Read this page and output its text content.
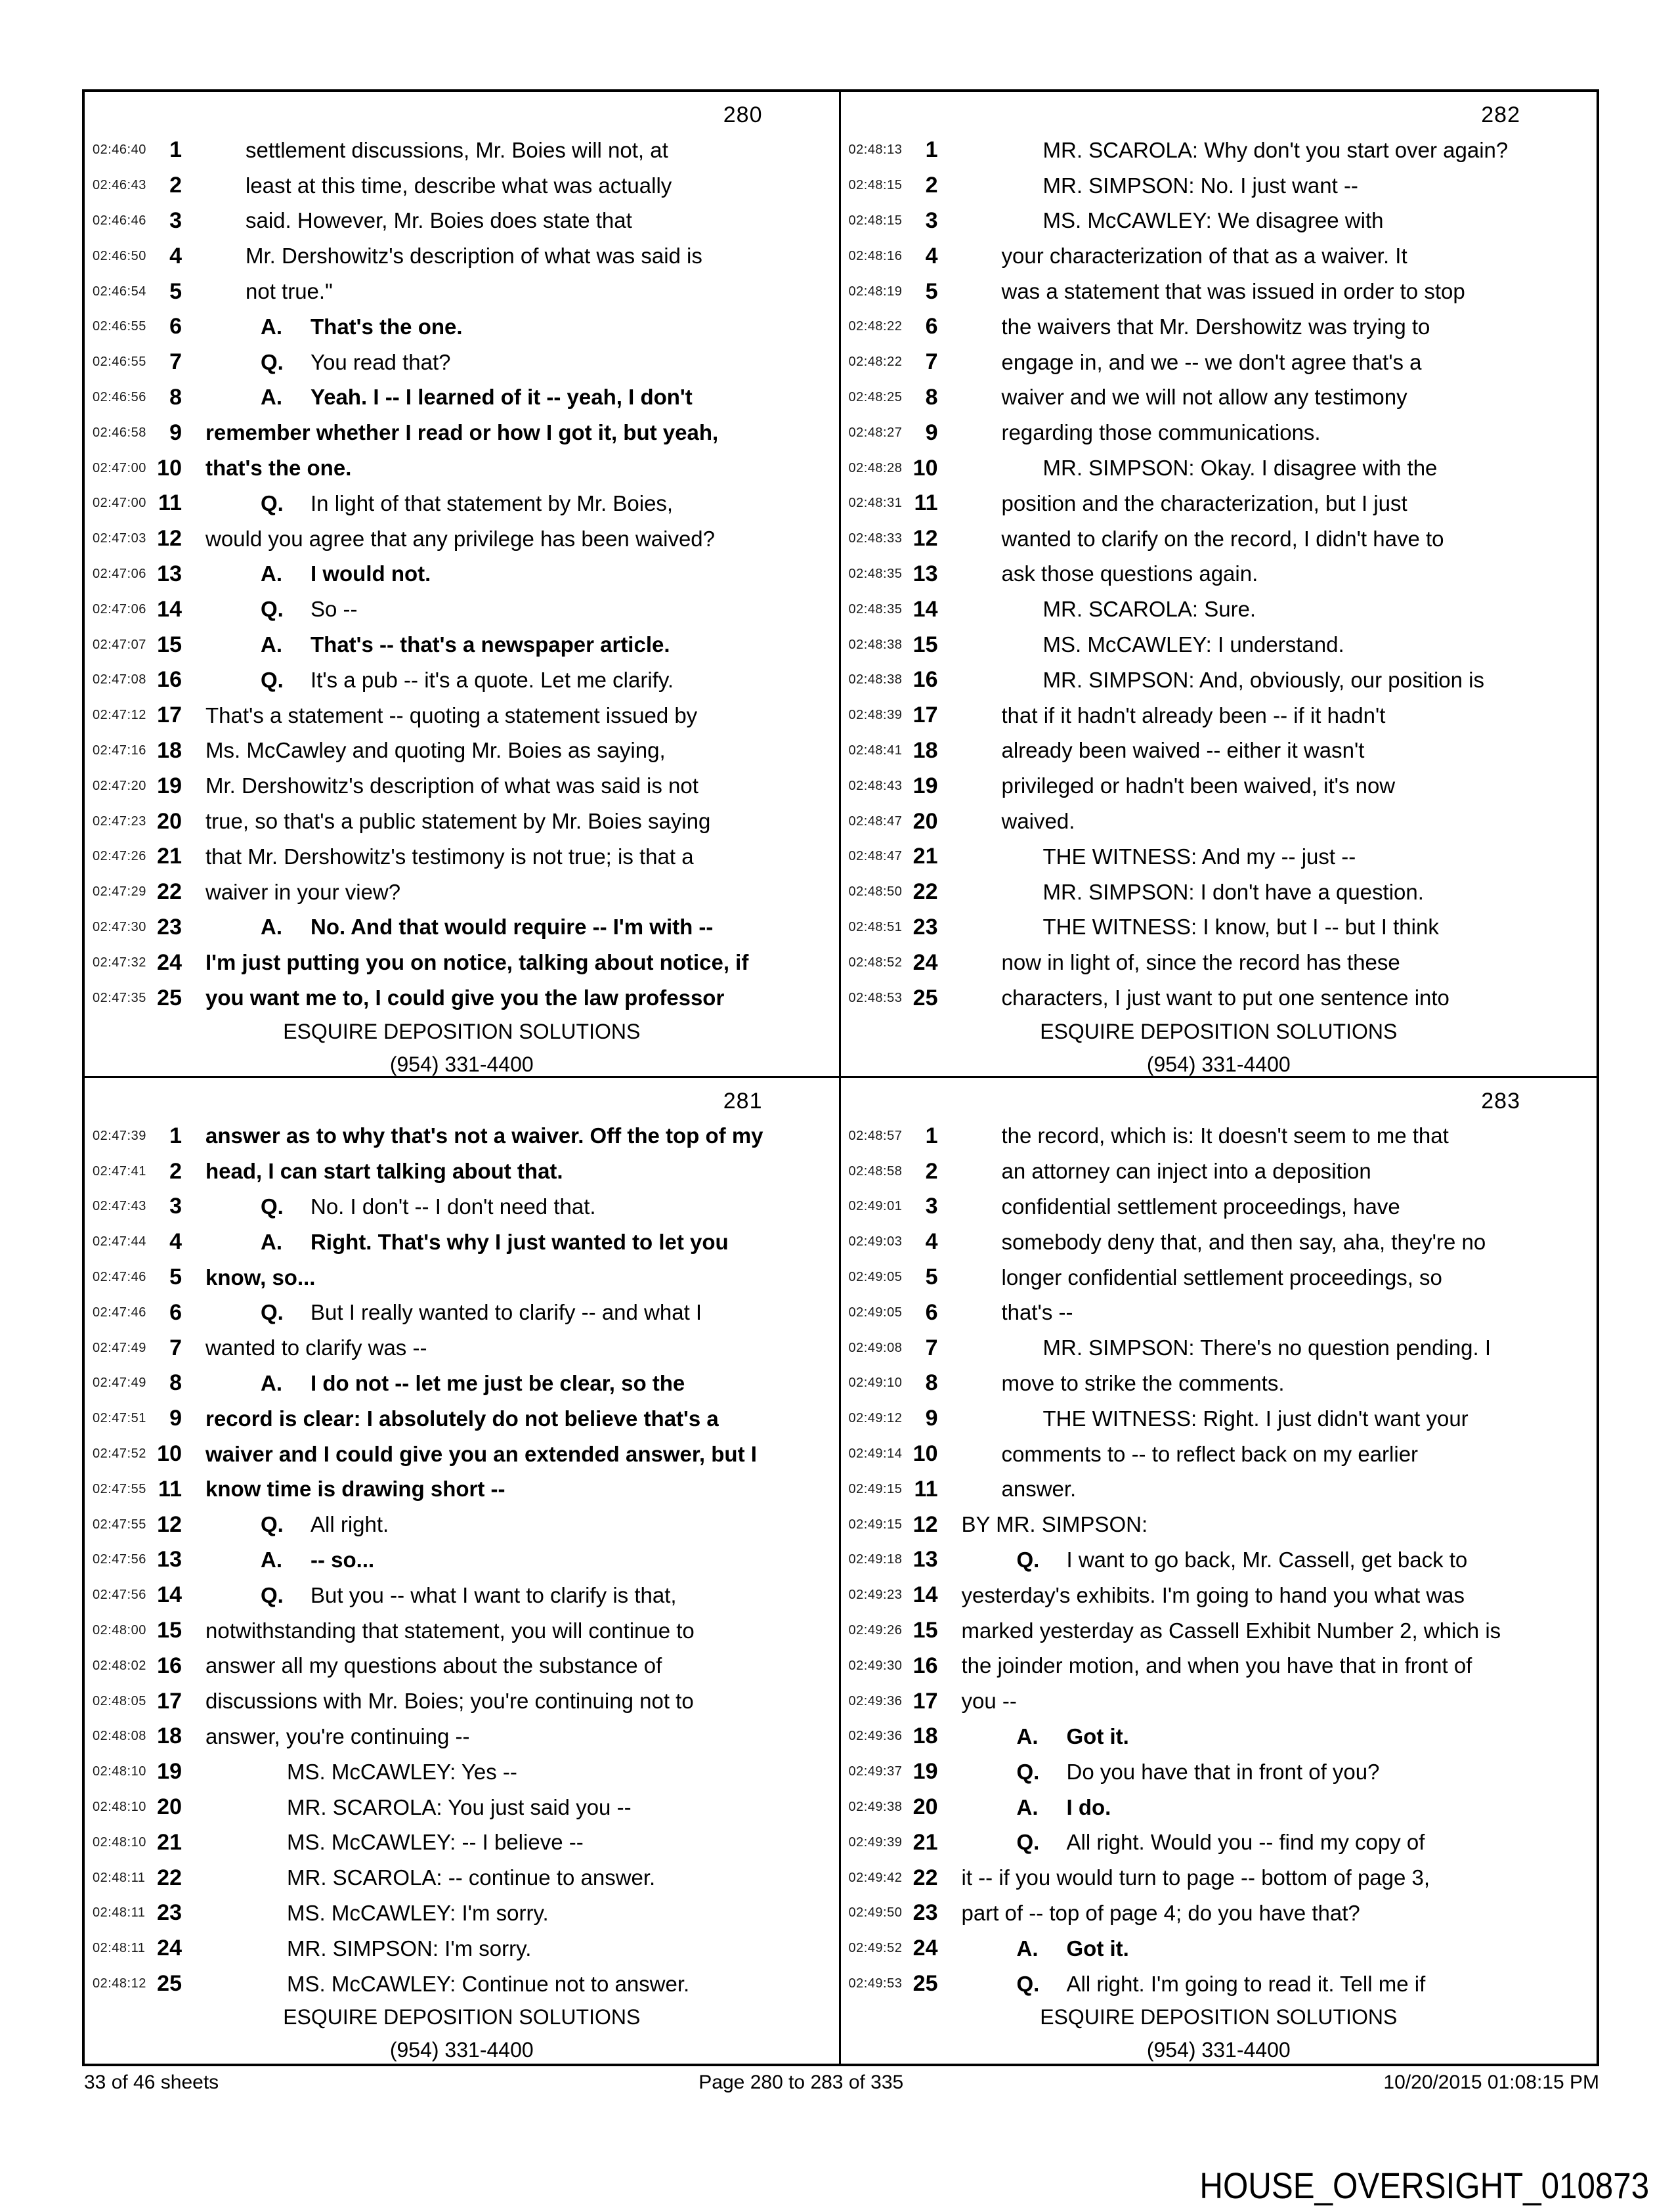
280
02:46:40	1	settlement discussions, Mr. Boies will not, at
02:46:43	2	least at this time, describe what was actually
02:46:46	3	said. However, Mr. Boies does state that
02:46:50	4	Mr. Dershowitz's description of what was said is
02:46:54	5	not true."
02:46:55	6	A. That's the one.
02:46:55	7	Q. You read that?
02:46:56	8	A. Yeah. I -- I learned of it -- yeah, I don't
02:46:58	9	remember whether I read or how I got it, but yeah,
02:47:00 10	that's the one.
02:47:00 11	Q. In light of that statement by Mr. Boies,
02:47:03 12	would you agree that any privilege has been waived?
02:47:06 13	A. I would not.
02:47:06 14	Q. So --
02:47:07 15	A. That's -- that's a newspaper article.
02:47:08 16	Q. It's a pub -- it's a quote. Let me clarify.
02:47:12 17	That's a statement -- quoting a statement issued by
02:47:16 18	Ms. McCawley and quoting Mr. Boies as saying,
02:47:20 19	Mr. Dershowitz's description of what was said is not
02:47:23 20	true, so that's a public statement by Mr. Boies saying
02:47:26 21	that Mr. Dershowitz's testimony is not true; is that a
02:47:29 22	waiver in your view?
02:47:30 23	A. No. And that would require -- I'm with --
02:47:32 24	I'm just putting you on notice, talking about notice, if
02:47:35 25	you want me to, I could give you the law professor
ESQUIRE DEPOSITION SOLUTIONS
(954) 331-4400
282
02:48:13	1	MR. SCAROLA: Why don't you start over again?
02:48:15	2	MR. SIMPSON: No. I just want --
02:48:15	3	MS. McCAWLEY: We disagree with
02:48:16	4	your characterization of that as a waiver. It
02:48:19	5	was a statement that was issued in order to stop
02:48:22	6	the waivers that Mr. Dershowitz was trying to
02:48:22	7	engage in, and we -- we don't agree that's a
02:48:25	8	waiver and we will not allow any testimony
02:48:27	9	regarding those communications.
02:48:28 10	MR. SIMPSON: Okay. I disagree with the
02:48:31 11	position and the characterization, but I just
02:48:33 12	wanted to clarify on the record, I didn't have to
02:48:35 13	ask those questions again.
02:48:35 14	MR. SCAROLA: Sure.
02:48:38 15	MS. McCAWLEY: I understand.
02:48:38 16	MR. SIMPSON: And, obviously, our position is
02:48:39 17	that if it hadn't already been -- if it hadn't
02:48:41 18	already been waived -- either it wasn't
02:48:43 19	privileged or hadn't been waived, it's now
02:48:47 20	waived.
02:48:47 21	THE WITNESS: And my -- just --
02:48:50 22	MR. SIMPSON: I don't have a question.
02:48:51 23	THE WITNESS: I know, but I -- but I think
02:48:52 24	now in light of, since the record has these
02:48:53 25	characters, I just want to put one sentence into
ESQUIRE DEPOSITION SOLUTIONS
(954) 331-4400
281
02:47:39	1	answer as to why that's not a waiver. Off the top of my
02:47:41	2	head, I can start talking about that.
02:47:43	3	Q. No. I don't -- I don't need that.
02:47:44	4	A. Right. That's why I just wanted to let you
02:47:46	5	know, so...
02:47:46	6	Q. But I really wanted to clarify -- and what I
02:47:49	7	wanted to clarify was --
02:47:49	8	A. I do not -- let me just be clear, so the
02:47:51	9	record is clear: I absolutely do not believe that's a
02:47:52 10	waiver and I could give you an extended answer, but I
02:47:55 11	know time is drawing short --
02:47:55 12	Q. All right.
02:47:56 13	A. -- so...
02:47:56 14	Q. But you -- what I want to clarify is that,
02:48:00 15	notwithstanding that statement, you will continue to
02:48:02 16	answer all my questions about the substance of
02:48:05 17	discussions with Mr. Boies; you're continuing not to
02:48:08 18	answer, you're continuing --
02:48:10 19	MS. McCAWLEY: Yes --
02:48:10 20	MR. SCAROLA: You just said you --
02:48:10 21	MS. McCAWLEY: -- I believe --
02:48:11 22	MR. SCAROLA: -- continue to answer.
02:48:11 23	MS. McCAWLEY: I'm sorry.
02:48:11 24	MR. SIMPSON: I'm sorry.
02:48:12 25	MS. McCAWLEY: Continue not to answer.
ESQUIRE DEPOSITION SOLUTIONS
(954) 331-4400
283
02:48:57	1	the record, which is: It doesn't seem to me that
02:48:58	2	an attorney can inject into a deposition
02:49:01	3	confidential settlement proceedings, have
02:49:03	4	somebody deny that, and then say, aha, they're no
02:49:05	5	longer confidential settlement proceedings, so
02:49:05	6	that's --
02:49:08	7	MR. SIMPSON: There's no question pending. I
02:49:10	8	move to strike the comments.
02:49:12	9	THE WITNESS: Right. I just didn't want your
02:49:14 10	comments to -- to reflect back on my earlier
02:49:15 11	answer.
02:49:15 12	BY MR. SIMPSON:
02:49:18 13	Q. I want to go back, Mr. Cassell, get back to
02:49:23 14	yesterday's exhibits. I'm going to hand you what was
02:49:26 15	marked yesterday as Cassell Exhibit Number 2, which is
02:49:30 16	the joinder motion, and when you have that in front of
02:49:36 17	you --
02:49:36 18	A. Got it.
02:49:37 19	Q. Do you have that in front of you?
02:49:38 20	A. I do.
02:49:39 21	Q. All right. Would you -- find my copy of
02:49:42 22	it -- if you would turn to page -- bottom of page 3,
02:49:50 23	part of -- top of page 4; do you have that?
02:49:52 24	A. Got it.
02:49:53 25	Q. All right. I'm going to read it. Tell me if
ESQUIRE DEPOSITION SOLUTIONS
(954) 331-4400
33 of 46 sheets	Page 280 to 283 of 335	10/20/2015 01:08:15 PM
HOUSE_OVERSIGHT_010873
